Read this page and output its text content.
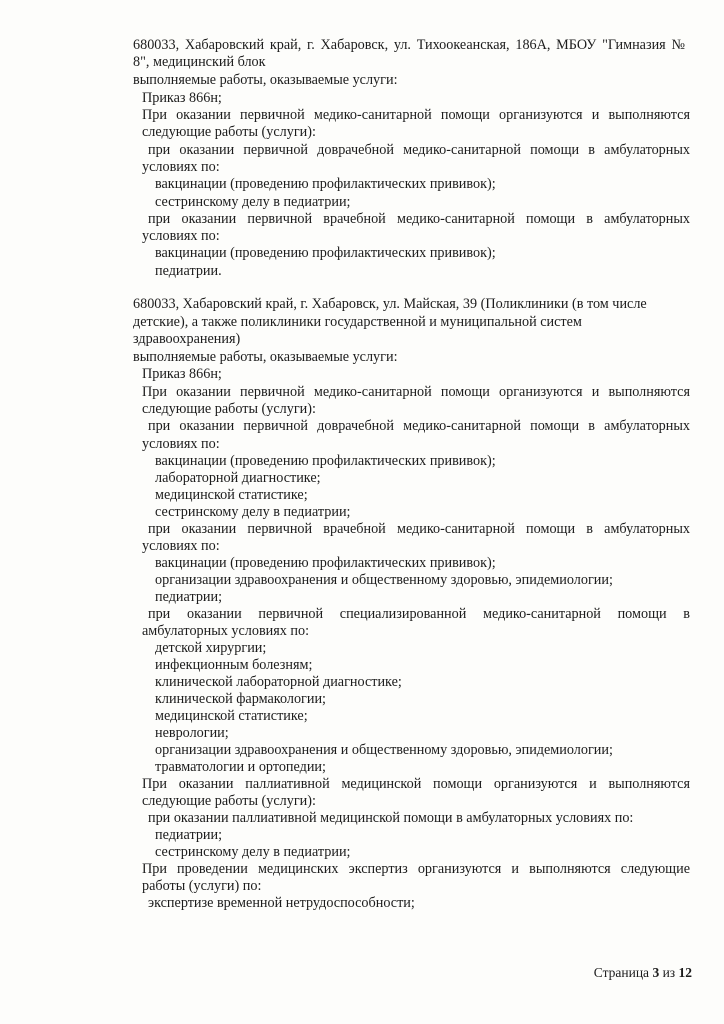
680033, Хабаровский край, г. Хабаровск, ул. Тихоокеанская, 186А, МБОУ "Гимназия №
8", медицинский блок
выполняемые работы, оказываемые услуги:
Приказ 866н;
При оказании первичной медико-санитарной помощи организуются и выполняются
следующие работы (услуги):
при оказании первичной доврачебной медико-санитарной помощи в амбулаторных
условиях по:
вакцинации (проведению профилактических прививок);
сестринскому делу в педиатрии;
при оказании первичной врачебной медико-санитарной помощи в амбулаторных
условиях по:
вакцинации (проведению профилактических прививок);
педиатрии.
680033, Хабаровский край, г. Хабаровск, ул. Майская, 39 (Поликлиники (в том числе
детские), а также поликлиники государственной и муниципальной систем
здравоохранения)
выполняемые работы, оказываемые услуги:
Приказ 866н;
При оказании первичной медико-санитарной помощи организуются и выполняются
следующие работы (услуги):
при оказании первичной доврачебной медико-санитарной помощи в амбулаторных
условиях по:
вакцинации (проведению профилактических прививок);
лабораторной диагностике;
медицинской статистике;
сестринскому делу в педиатрии;
при оказании первичной врачебной медико-санитарной помощи в амбулаторных
условиях по:
вакцинации (проведению профилактических прививок);
организации здравоохранения и общественному здоровью, эпидемиологии;
педиатрии;
при оказании первичной специализированной медико-санитарной помощи в
амбулаторных условиях по:
детской хирургии;
инфекционным болезням;
клинической лабораторной диагностике;
клинической фармакологии;
медицинской статистике;
неврологии;
организации здравоохранения и общественному здоровью, эпидемиологии;
травматологии и ортопедии;
При оказании паллиативной медицинской помощи организуются и выполняются
следующие работы (услуги):
при оказании паллиативной медицинской помощи в амбулаторных условиях по:
педиатрии;
сестринскому делу в педиатрии;
При проведении медицинских экспертиз организуются и выполняются следующие
работы (услуги) по:
экспертизе временной нетрудоспособности;
Страница 3 из 12
